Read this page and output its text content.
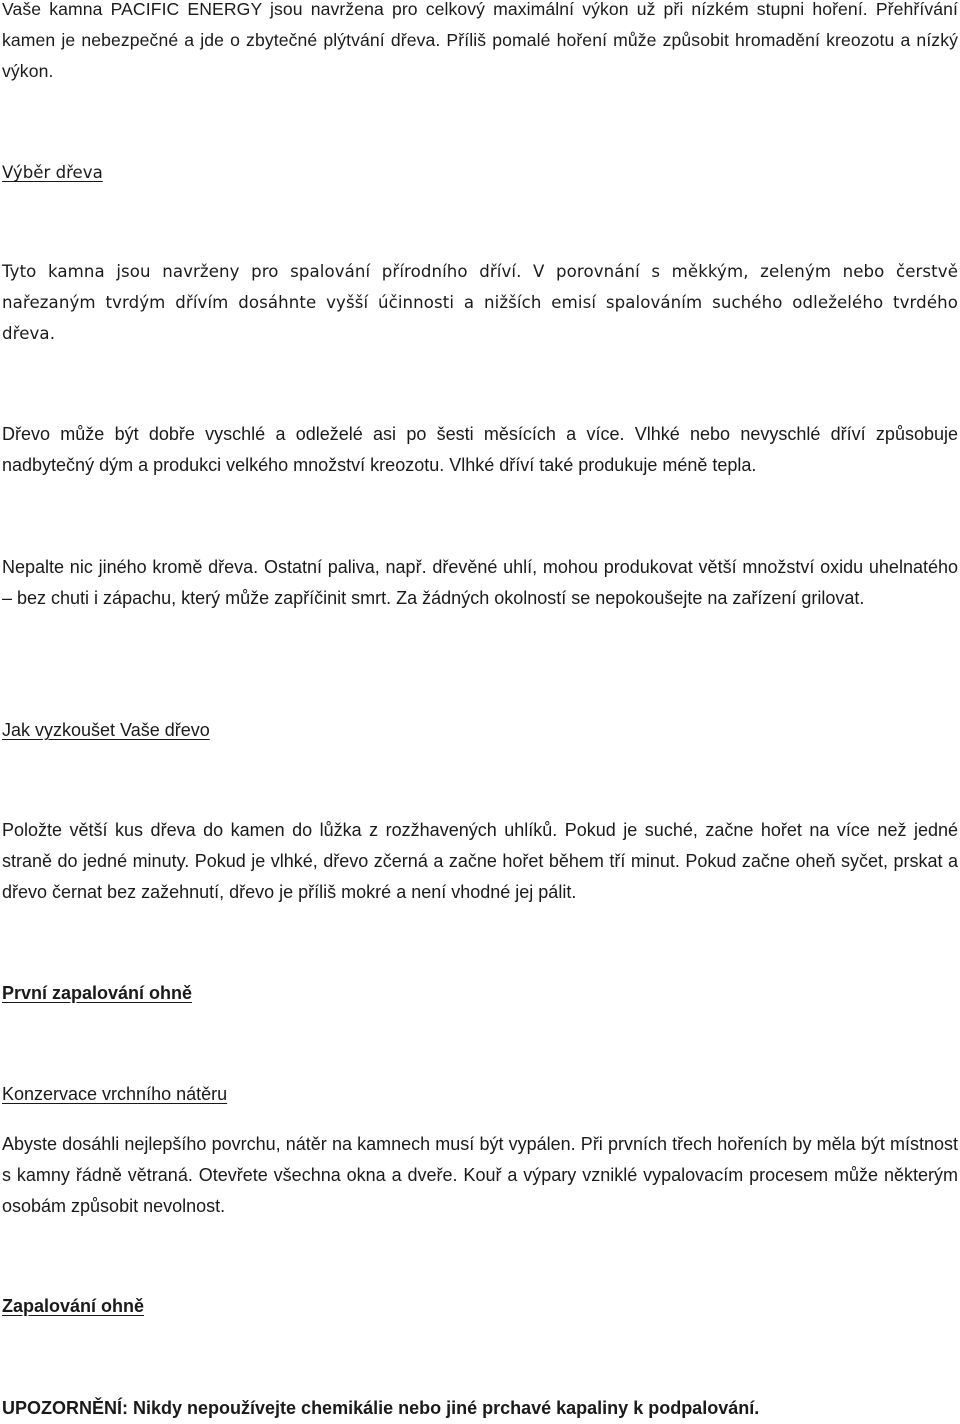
Vaše kamna PACIFIC ENERGY jsou navržena pro celkový maximální výkon už při nízkém stupni hoření. Přehřívání kamen je nebezpečné a jde o zbytečné plýtvání dřeva. Příliš pomalé hoření může způsobit hromadění kreozotu a nízký výkon.

Výběr dřeva

Tyto kamna jsou navrženy pro spalování přírodního dříví. V porovnání s měkkým, zeleným nebo čerstvě nařezaným tvrdým dřívím dosáhnte vyšší účinnosti a nižších emisí spalováním suchého odleželého tvrdého dřeva.

Dřevo může být dobře vyschlé a odleželé asi po šesti měsících a více. Vlhké nebo nevyschlé dříví způsobuje nadbytečný dým a produkci velkého množství kreozotu. Vlhké dříví také produkuje méně tepla.

Nepalte nic jiného kromě dřeva. Ostatní paliva, např. dřevěné uhlí, mohou produkovat větší množství oxidu uhelnatého – bez chuti i zápachu, který může zapříčinit smrt. Za žádných okolností se nepokoušejte na zařízení grilovat.

Jak vyzkoušet Vaše dřevo

Položte větší kus dřeva do kamen do lůžka z rozžhavených uhlíků. Pokud je suché, začne hořet na více než jedné straně do jedné minuty. Pokud je vlhké, dřevo zčerná a začne hořet během tří minut. Pokud začne oheň syčet, prskat a dřevo černat bez zažehnutí, dřevo je příliš mokré a není vhodné jej pálit.

První zapalování ohně

Konzervace vrchního nátěru

Abyste dosáhli nejlepšího povrchu, nátěr na kamnech musí být vypálen. Při prvních třech hořeních by měla být místnost s kamny řádně větraná. Otevřete všechna okna a dveře. Kouř a výpary vzniklé vypalovacím procesem může některým osobám způsobit nevolnost.

Zapalování ohně

UPOZORNĚNÍ: Nikdy nepoužívejte chemikálie nebo jiné prchavé kapaliny k podpalování.
